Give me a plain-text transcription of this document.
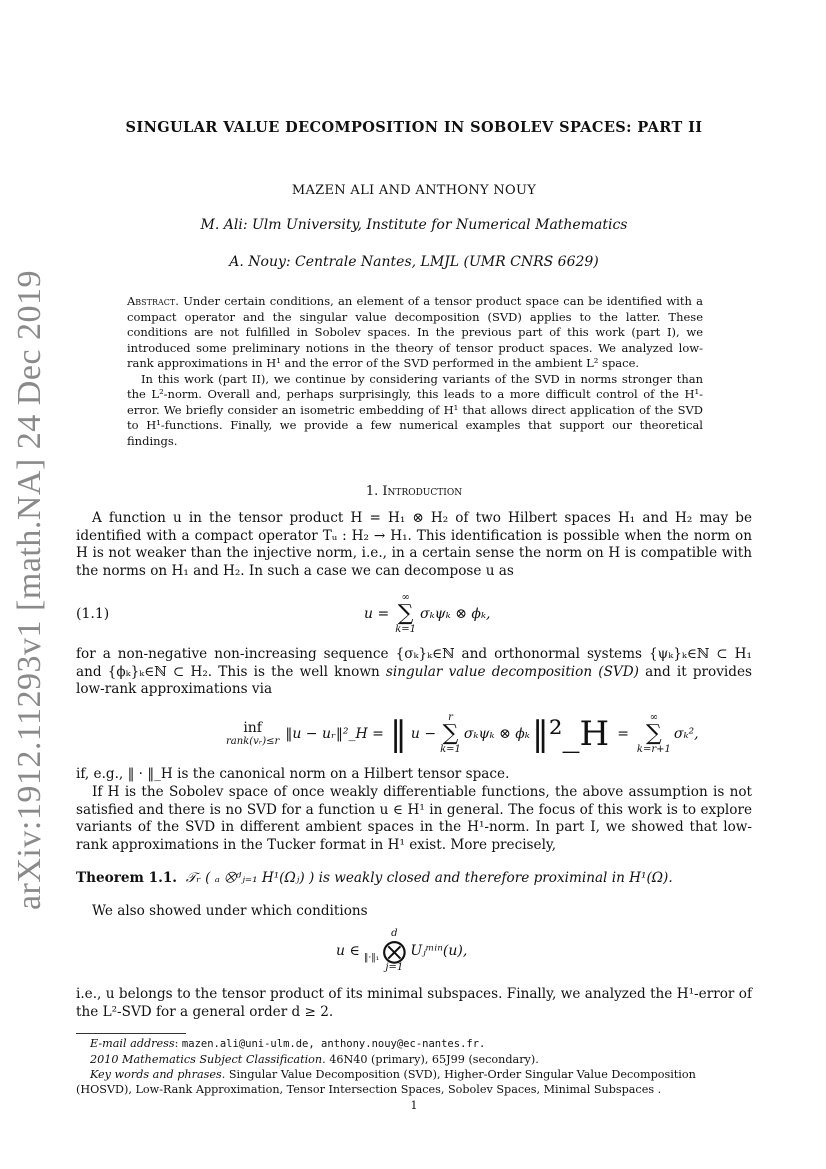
arXiv:1912.11293v1 [math.NA] 24 Dec 2019
SINGULAR VALUE DECOMPOSITION IN SOBOLEV SPACES: PART II
MAZEN ALI AND ANTHONY NOUY
M. Ali: Ulm University, Institute for Numerical Mathematics
A. Nouy: Centrale Nantes, LMJL (UMR CNRS 6629)

Abstract. Under certain conditions, an element of a tensor product space can be identified with a compact operator and the singular value decomposition (SVD) applies to the latter. These conditions are not fulfilled in Sobolev spaces. In the previous part of this work (part I), we introduced some preliminary notions in the theory of tensor product spaces. We analyzed low-rank approximations in H¹ and the error of the SVD performed in the ambient L² space.

In this work (part II), we continue by considering variants of the SVD in norms stronger than the L²-norm. Overall and, perhaps surprisingly, this leads to a more difficult control of the H¹-error. We briefly consider an isometric embedding of H¹ that allows direct application of the SVD to H¹-functions. Finally, we provide a few numerical examples that support our theoretical findings.

1. Introduction

A function u in the tensor product H = H₁ ⊗ H₂ of two Hilbert spaces H₁ and H₂ may be identified with a compact operator Tᵤ : H₂ → H₁. This identification is possible when the norm on H is not weaker than the injective norm, i.e., in a certain sense the norm on H is compatible with the norms on H₁ and H₂. In such a case we can decompose u as

(1.1)	u =
∞
∑
k=1
σₖψₖ ⊗ ϕₖ,

for a non-negative non-increasing sequence {σₖ}ₖ∈ℕ and orthonormal systems {ψₖ}ₖ∈ℕ ⊂ H₁ and {ϕₖ}ₖ∈ℕ ⊂ H₂. This is the well known singular value decomposition (SVD) and it provides low-rank approximations via

inf
rank(vᵣ)≤r ‖u − uᵣ‖²_H = ‖ u −
r
∑
k=1
σₖψₖ ⊗ ϕₖ ‖²_H =
∞
∑
k=r+1
σₖ²,

if, e.g., ‖ · ‖_H is the canonical norm on a Hilbert tensor space.

If H is the Sobolev space of once weakly differentiable functions, the above assumption is not satisfied and there is no SVD for a function u ∈ H¹ in general. The focus of this work is to explore variants of the SVD in different ambient spaces in the H¹-norm. In part I, we showed that low-rank approximations in the Tucker format in H¹ exist. More precisely,

Theorem 1.1. 𝒯ᵣ ( ₐ ⨂ᵈⱼ₌₁ H¹(Ωⱼ) ) is weakly closed and therefore proximinal in H¹(Ω).

We also showed under which conditions

u ∈ ‖·‖₁
d
⨂
j=1
Uⱼᵐⁱⁿ(u),

i.e., u belongs to the tensor product of its minimal subspaces. Finally, we analyzed the H¹-error of the L²-SVD for a general order d ≥ 2.

E-mail address: mazen.ali@uni-ulm.de, anthony.nouy@ec-nantes.fr.

2010 Mathematics Subject Classification. 46N40 (primary), 65J99 (secondary).

Key words and phrases. Singular Value Decomposition (SVD), Higher-Order Singular Value Decomposition (HOSVD), Low-Rank Approximation, Tensor Intersection Spaces, Sobolev Spaces, Minimal Subspaces .

1
